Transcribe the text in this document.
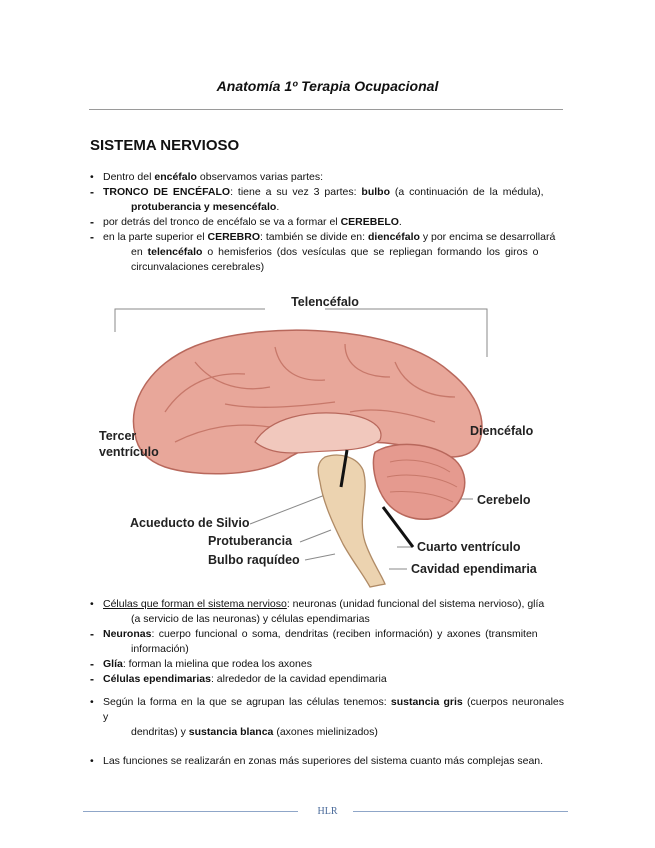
Anatomía 1º Terapia Ocupacional
SISTEMA NERVIOSO
• Dentro del encéfalo observamos varias partes:
- TRONCO DE ENCÉFALO: tiene a su vez 3 partes: bulbo (a continuación de la médula),
protuberancia y mesencéfalo.
- por detrás del tronco de encéfalo se va a formar el CEREBELO.
- en la parte superior el CEREBRO: también se divide en: diencéfalo y por encima se desarrollará
en telencéfalo o hemisferios (dos vesículas que se repliegan formando los giros o
circunvalaciones cerebrales)
Telencéfalo
Diencéfalo
Tercer
ventrículo
Cerebelo
Acueducto de Silvio
Protuberancia	Cuarto ventrículo
Bulbo raquídeo
Cavidad ependimaria
• Células que forman el sistema nervioso: neuronas (unidad funcional del sistema nervioso), glía
(a servicio de las neuronas) y células ependimarias
- Neuronas: cuerpo funcional o soma, dendritas (reciben información) y axones (transmiten
información)
- Glía: forman la mielina que rodea los axones
- Células ependimarias: alrededor de la cavidad ependimaria
• Según la forma en la que se agrupan las células tenemos: sustancia gris (cuerpos neuronales y
dendritas) y sustancia blanca (axones mielinizados)
• Las funciones se realizarán en zonas más superiores del sistema cuanto más complejas sean.
HLR
